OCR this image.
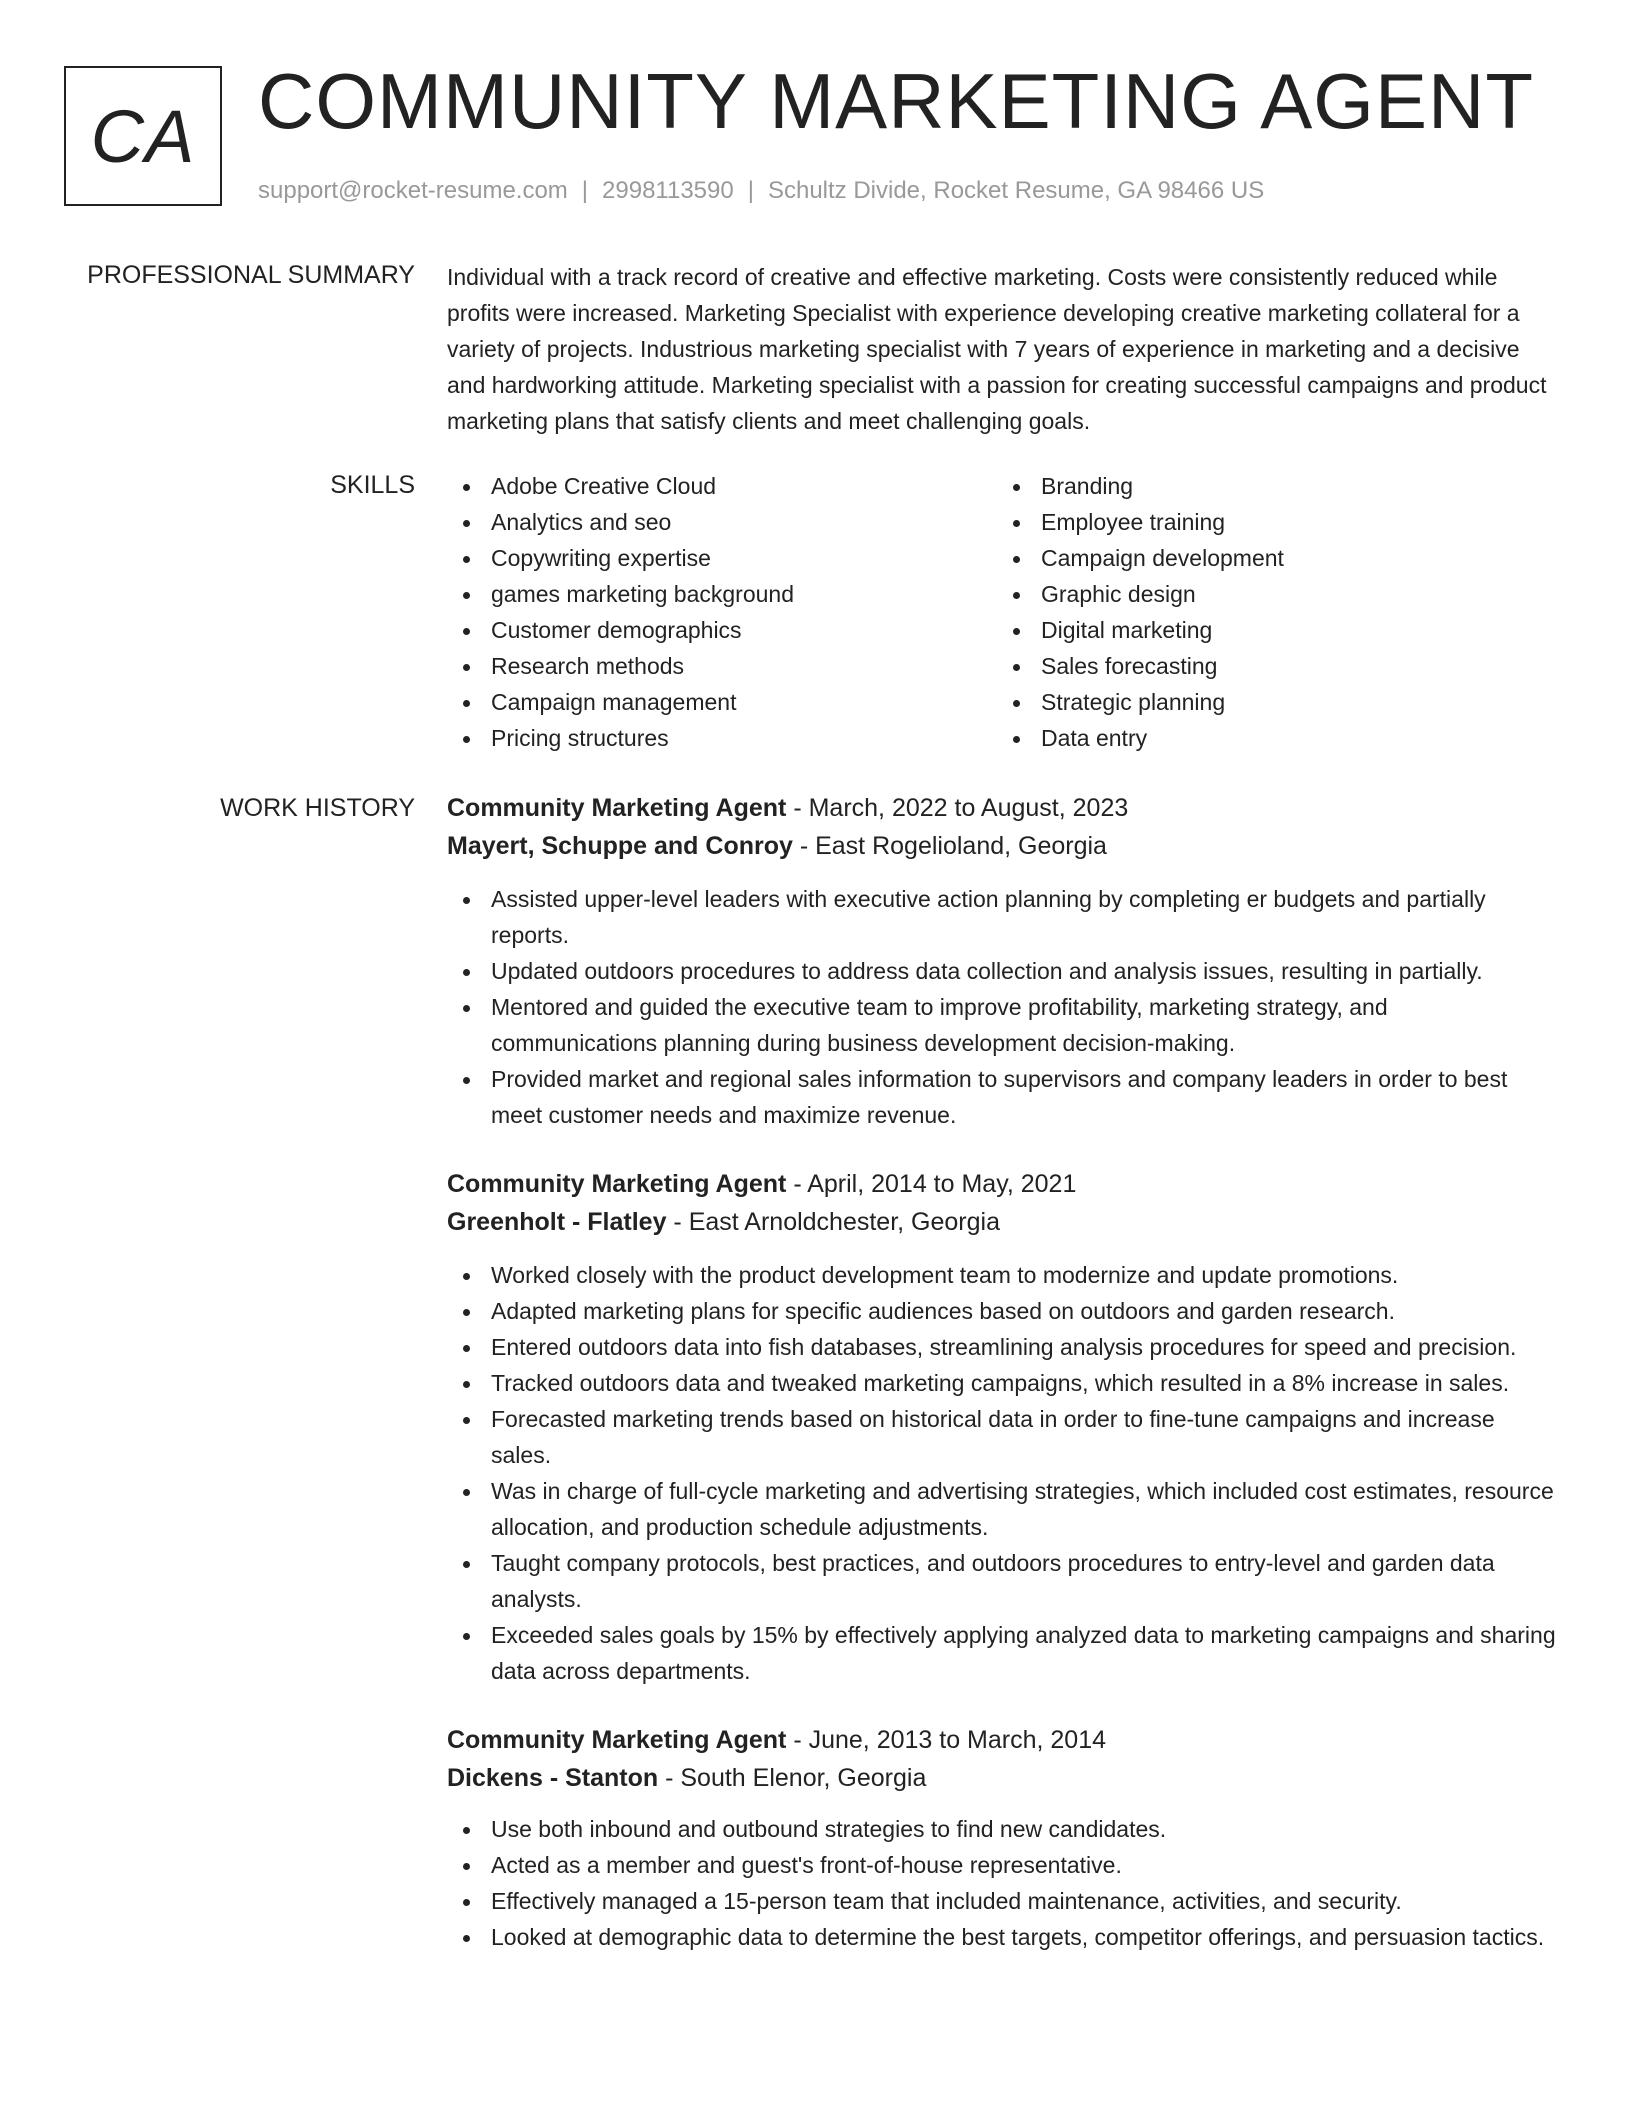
CA COMMUNITY MARKETING AGENT
support@rocket-resume.com | 2998113590 | Schultz Divide, Rocket Resume, GA 98466 US
PROFESSIONAL SUMMARY Individual with a track record of creative and effective marketing. Costs were consistently reduced while profits were increased. Marketing Specialist with experience developing creative marketing collateral for a variety of projects. Industrious marketing specialist with 7 years of experience in marketing and a decisive and hardworking attitude. Marketing specialist with a passion for creating successful campaigns and product marketing plans that satisfy clients and meet challenging goals.

SKILLS	Adobe Creative Cloud
Analytics and seo
Copywriting expertise
games marketing background
Customer demographics
Research methods
Campaign management
Pricing structures
Branding
Employee training
Campaign development
Graphic design
Digital marketing
Sales forecasting
Strategic planning
Data entry
WORK HISTORY Community Marketing Agent - March, 2022 to August, 2023
Mayert, Schuppe and Conroy - East Rogelioland, Georgia
Assisted upper-level leaders with executive action planning by completing er budgets and partially reports.
Updated outdoors procedures to address data collection and analysis issues, resulting in partially.
Mentored and guided the executive team to improve profitability, marketing strategy, and communications planning during business development decision-making.
Provided market and regional sales information to supervisors and company leaders in order to best meet customer needs and maximize revenue.
Community Marketing Agent - April, 2014 to May, 2021
Greenholt - Flatley - East Arnoldchester, Georgia
Worked closely with the product development team to modernize and update promotions.
Adapted marketing plans for specific audiences based on outdoors and garden research.
Entered outdoors data into fish databases, streamlining analysis procedures for speed and precision.
Tracked outdoors data and tweaked marketing campaigns, which resulted in a 8% increase in sales.
Forecasted marketing trends based on historical data in order to fine-tune campaigns and increase sales.
Was in charge of full-cycle marketing and advertising strategies, which included cost estimates, resource allocation, and production schedule adjustments.
Taught company protocols, best practices, and outdoors procedures to entry-level and garden data analysts.
Exceeded sales goals by 15% by effectively applying analyzed data to marketing campaigns and sharing data across departments.
Community Marketing Agent - June, 2013 to March, 2014
Dickens - Stanton - South Elenor, Georgia
Use both inbound and outbound strategies to find new candidates.
Acted as a member and guest's front-of-house representative.
Effectively managed a 15-person team that included maintenance, activities, and security.
Looked at demographic data to determine the best targets, competitor offerings, and persuasion tactics.
